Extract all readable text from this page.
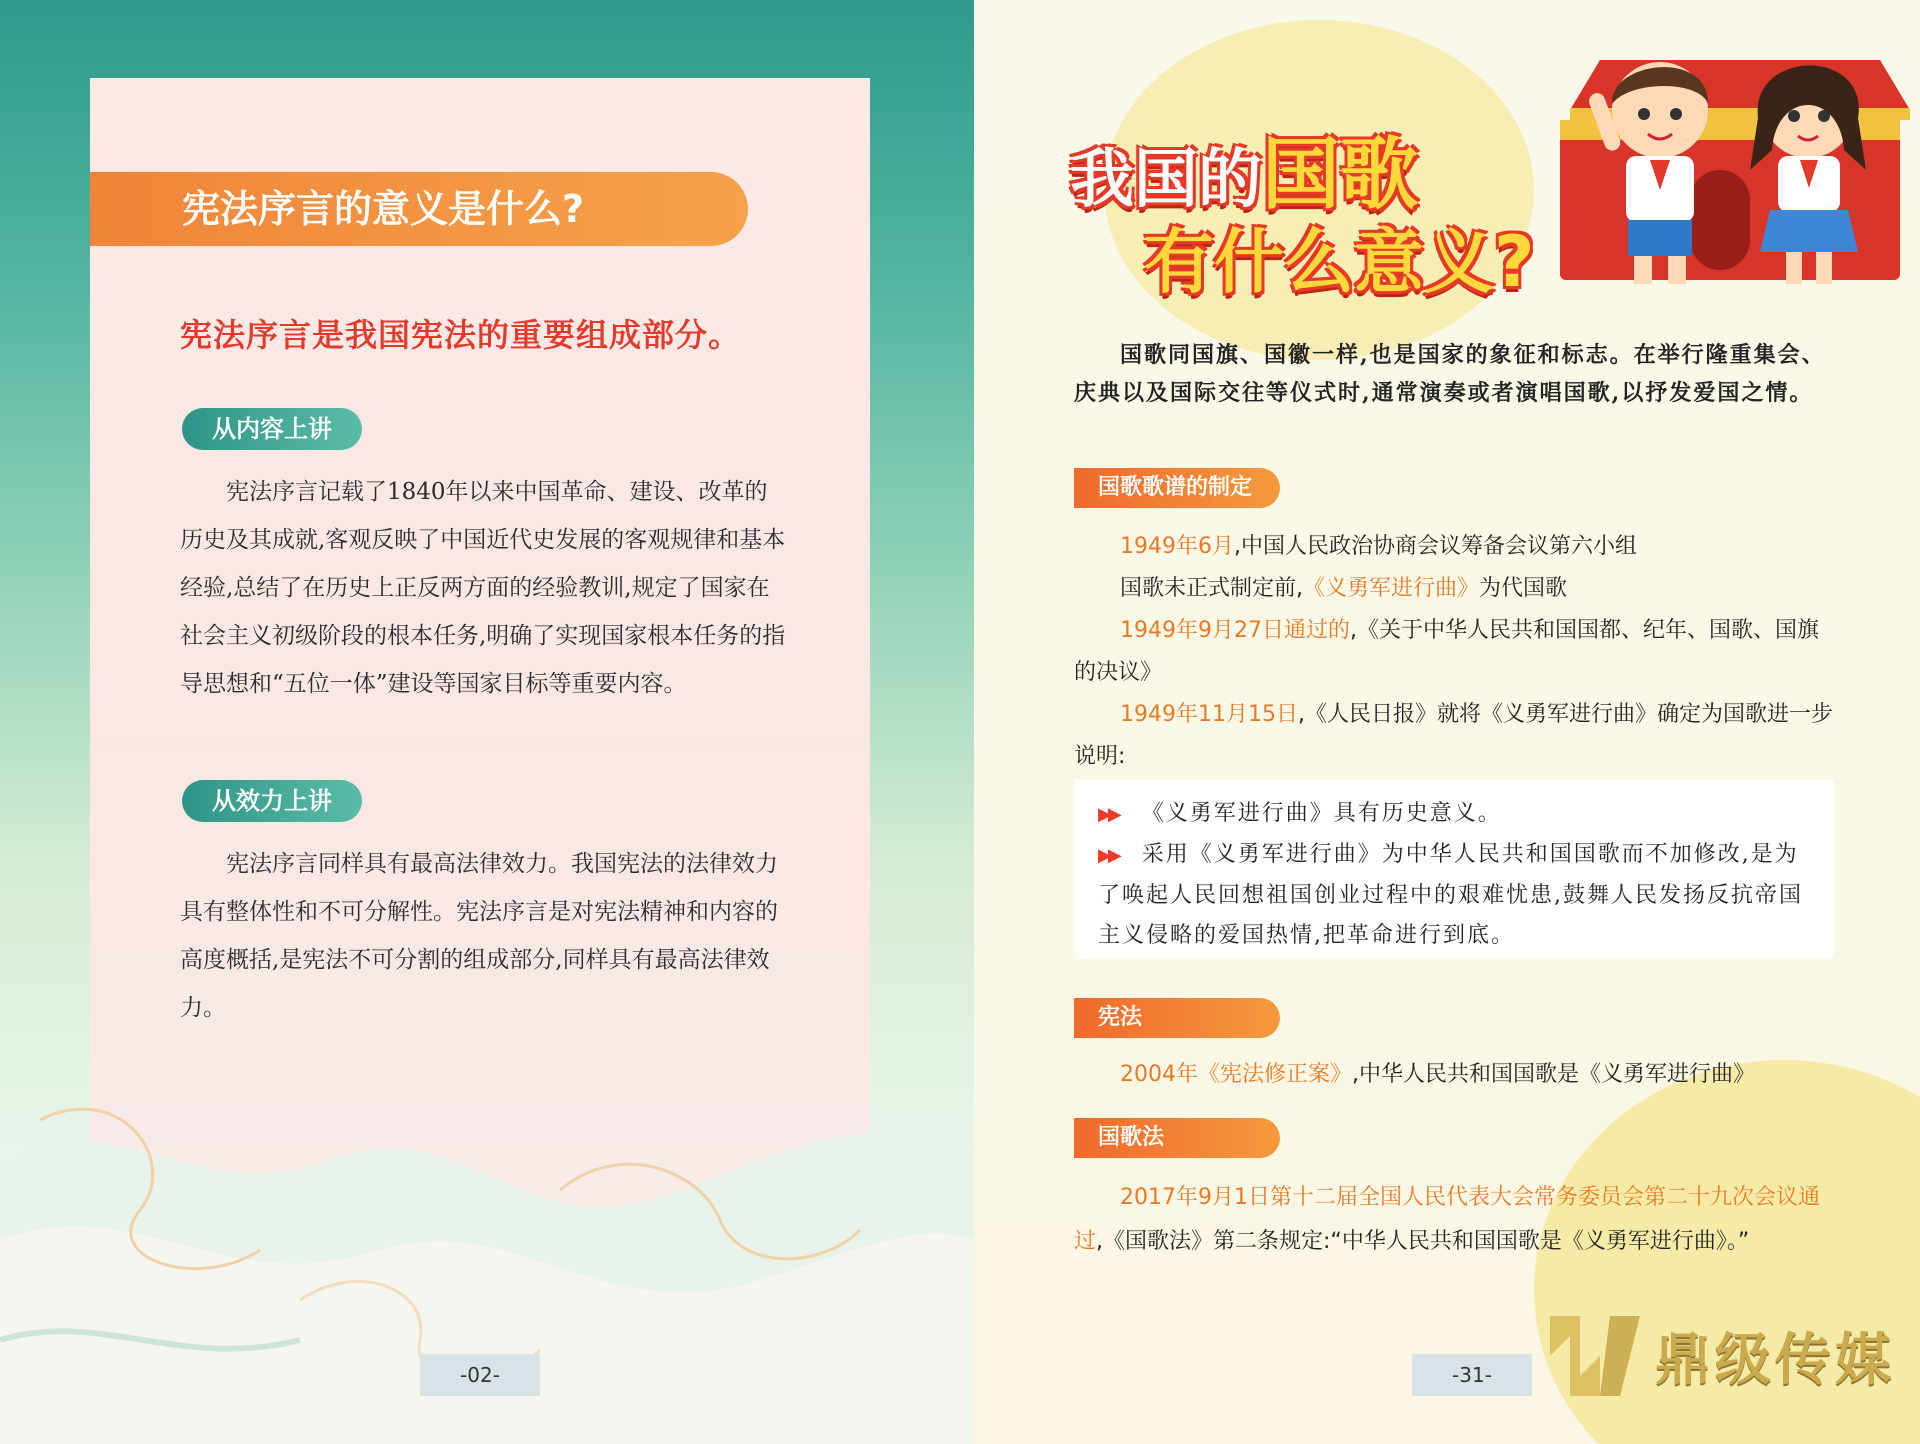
宪法序言的意义是什么?
宪法序言是我国宪法的重要组成部分。
从内容上讲
宪法序言记载了1840年以来中国革命、建设、改革的历史及其成就,客观反映了中国近代史发展的客观规律和基本经验,总结了在历史上正反两方面的经验教训,规定了国家在社会主义初级阶段的根本任务,明确了实现国家根本任务的指导思想和“五位一体”建设等国家目标等重要内容。
从效力上讲
宪法序言同样具有最高法律效力。我国宪法的法律效力具有整体性和不可分解性。宪法序言是对宪法精神和内容的高度概括,是宪法不可分割的组成部分,同样具有最高法律效力。
-02-
我国的国歌
有什么意义?
国歌同国旗、国徽一样,也是国家的象征和标志。在举行隆重集会、庆典以及国际交往等仪式时,通常演奏或者演唱国歌,以抒发爱国之情。
国歌歌谱的制定
1949年6月,中国人民政治协商会议筹备会议第六小组
国歌未正式制定前,《义勇军进行曲》为代国歌
1949年9月27日通过的,《关于中华人民共和国国都、纪年、国歌、国旗的决议》
1949年11月15日,《人民日报》就将《义勇军进行曲》确定为国歌进一步说明:
▶▶ 《义勇军进行曲》具有历史意义。
▶▶ 采用《义勇军进行曲》为中华人民共和国国歌而不加修改,是为了唤起人民回想祖国创业过程中的艰难忧患,鼓舞人民发扬反抗帝国主义侵略的爱国热情,把革命进行到底。
宪法
2004年《宪法修正案》,中华人民共和国国歌是《义勇军进行曲》
国歌法
2017年9月1日第十二届全国人民代表大会常务委员会第二十九次会议通过,《国歌法》第二条规定:“中华人民共和国国歌是《义勇军进行曲》。”
-31-	鼎级传媒
